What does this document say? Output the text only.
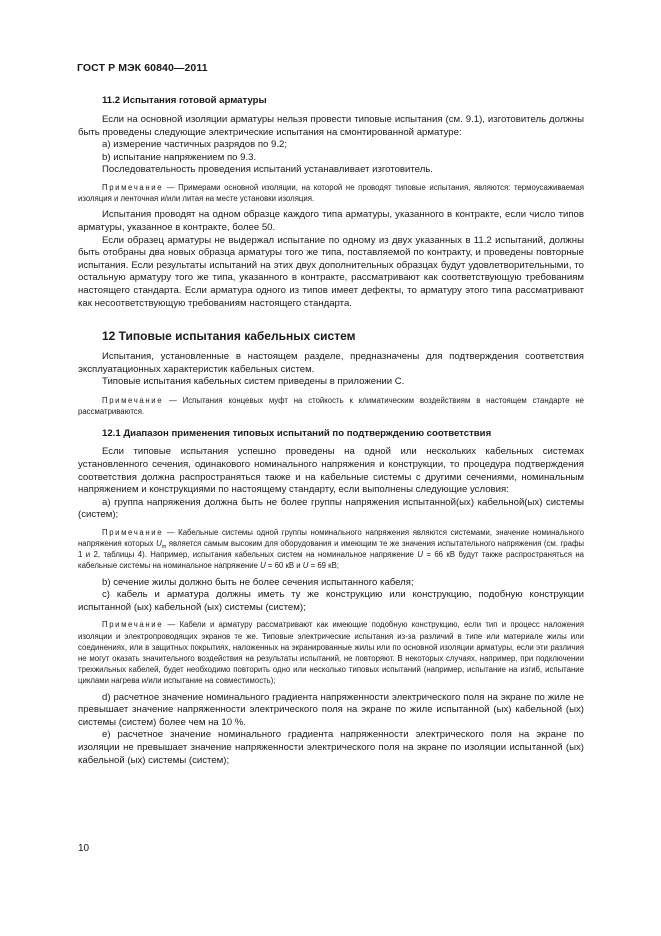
ГОСТ Р МЭК 60840—2011
11.2 Испытания готовой арматуры

Если на основной изоляции арматуры нельзя провести типовые испытания (см. 9.1), изготовитель должны быть проведены следующие электрические испытания на смонтированной арматуре:

а) измерение частичных разрядов по 9.2;

b) испытание напряжением по 9.3.

Последовательность проведения испытаний устанавливает изготовитель.

Примечание — Примерами основной изоляции, на которой не проводят типовые испытания, являются: термоусаживаемая изоляция и ленточная и/или литая на месте установки изоляция.

Испытания проводят на одном образце каждого типа арматуры, указанного в контракте, если число типов арматуры, указанное в контракте, более 50.

Если образец арматуры не выдержал испытание по одному из двух указанных в 11.2 испытаний, должны быть отобраны два новых образца арматуры того же типа, поставляемой по контракту, и проведены повторные испытания. Если результаты испытаний на этих двух дополнительных образцах будут удовлетворительными, то остальную арматуру того же типа, указанного в контракте, рассматривают как соответствующую требованиям настоящего стандарта. Если арматура одного из типов имеет дефекты, то арматуру этого типа рассматривают как несоответствующую требованиям настоящего стандарта.

12 Типовые испытания кабельных систем

Испытания, установленные в настоящем разделе, предназначены для подтверждения соответствия эксплуатационных характеристик кабельных систем.

Типовые испытания кабельных систем приведены в приложении С.

Примечание — Испытания концевых муфт на стойкость к климатическим воздействиям в настоящем стандарте не рассматриваются.

12.1 Диапазон применения типовых испытаний по подтверждению соответствия

Если типовые испытания успешно проведены на одной или нескольких кабельных системах установленного сечения, одинакового номинального напряжения и конструкции, то процедура подтверждения соответствия должна распространяться также и на кабельные системы с другими сечениями, номинальным напряжением и конструкциями по настоящему стандарту, если выполнены следующие условия:

а) группа напряжения должна быть не более группы напряжения испытанной(ых) кабельной(ых) системы (систем);

Примечание — Кабельные системы одной группы номинального напряжения являются системами, значение номинального напряжения которых $U_m$ является самым высоким для оборудования и имеющим те же значения испытательного напряжения (см. графы 1 и 2, таблицы 4). Например, испытания кабельных систем на номинальное напряжение U = 66 кВ будут также распространяться на кабельные системы на номинальное напряжение U = 60 кВ и U = 69 кВ;

b) сечение жилы должно быть не более сечения испытанного кабеля;

с) кабель и арматура должны иметь ту же конструкцию или конструкцию, подобную конструкции испытанной (ых) кабельной (ых) системы (систем);

Примечание — Кабели и арматуру рассматривают как имеющие подобную конструкцию, если тип и процесс наложения изоляции и электропроводящих экранов те же. Типовые электрические испытания из-за различий в типе или материале жилы или соединениях, или в защитных покрытиях, наложенных на экранированные жилы или по основной изоляции арматуры, если эти различия не могут оказать значительного воздействия на результаты испытаний, не повторяют. В некоторых случаях, например, при подключении трехжильных кабелей, будет необходимо повторить одно или несколько типовых испытаний (например, испытание на изгиб, испытание циклами нагрева и/или испытание на совместимость);

d) расчетное значение номинального градиента напряженности электрического поля на экране по жиле не превышает значение напряженности электрического поля на экране по жиле испытанной (ых) кабельной (ых) системы (систем) более чем на 10 %.

е) расчетное значение номинального градиента напряженности электрического поля на экране по изоляции не превышает значение напряженности электрического поля на экране по изоляции испытанной (ых) кабельной (ых) системы (систем);

10
